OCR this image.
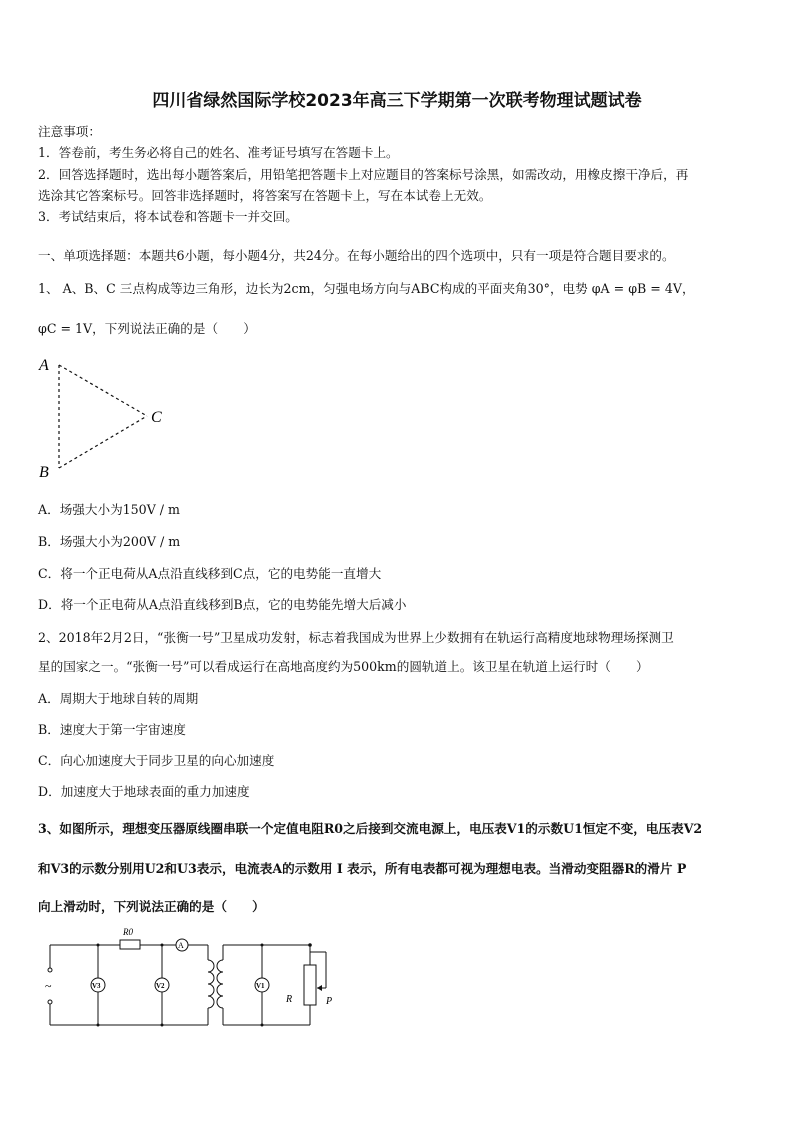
四川省绿然国际学校2023年高三下学期第一次联考物理试题试卷
注意事项：
1．答卷前，考生务必将自己的姓名、准考证号填写在答题卡上。
2．回答选择题时，选出每小题答案后，用铅笔把答题卡上对应题目的答案标号涂黑，如需改动，用橡皮擦干净后，再
选涂其它答案标号。回答非选择题时，将答案写在答题卡上，写在本试卷上无效。
3．考试结束后，将本试卷和答题卡一并交回。
一、单项选择题：本题共6小题，每小题4分，共24分。在每小题给出的四个选项中，只有一项是符合题目要求的。
1、 A、B、C 三点构成等边三角形，边长为2cm，匀强电场方向与ABC构成的平面夹角30°，电势 φA = φB = 4V，
φC = 1V，下列说法正确的是（　　）
A
B
C
A．场强大小为150V / m
B．场强大小为200V / m
C．将一个正电荷从A点沿直线移到C点，它的电势能一直增大
D．将一个正电荷从A点沿直线移到B点，它的电势能先增大后减小
2、2018年2月2日，“张衡一号”卫星成功发射，标志着我国成为世界上少数拥有在轨运行高精度地球物理场探测卫
星的国家之一。“张衡一号”可以看成运行在高地高度约为500km的圆轨道上。该卫星在轨道上运行时（　　）
A．周期大于地球自转的周期
B．速度大于第一宇宙速度
C．向心加速度大于同步卫星的向心加速度
D．加速度大于地球表面的重力加速度
3、如图所示，理想变压器原线圈串联一个定值电阻R0之后接到交流电源上，电压表V1的示数U1恒定不变，电压表V2
和V3的示数分别用U2和U3表示，电流表A的示数用 I 表示，所有电表都可视为理想电表。当滑动变阻器R的滑片 P
向上滑动时，下列说法正确的是（　　）
R0
A
V3	V2	V1
R	P
~
